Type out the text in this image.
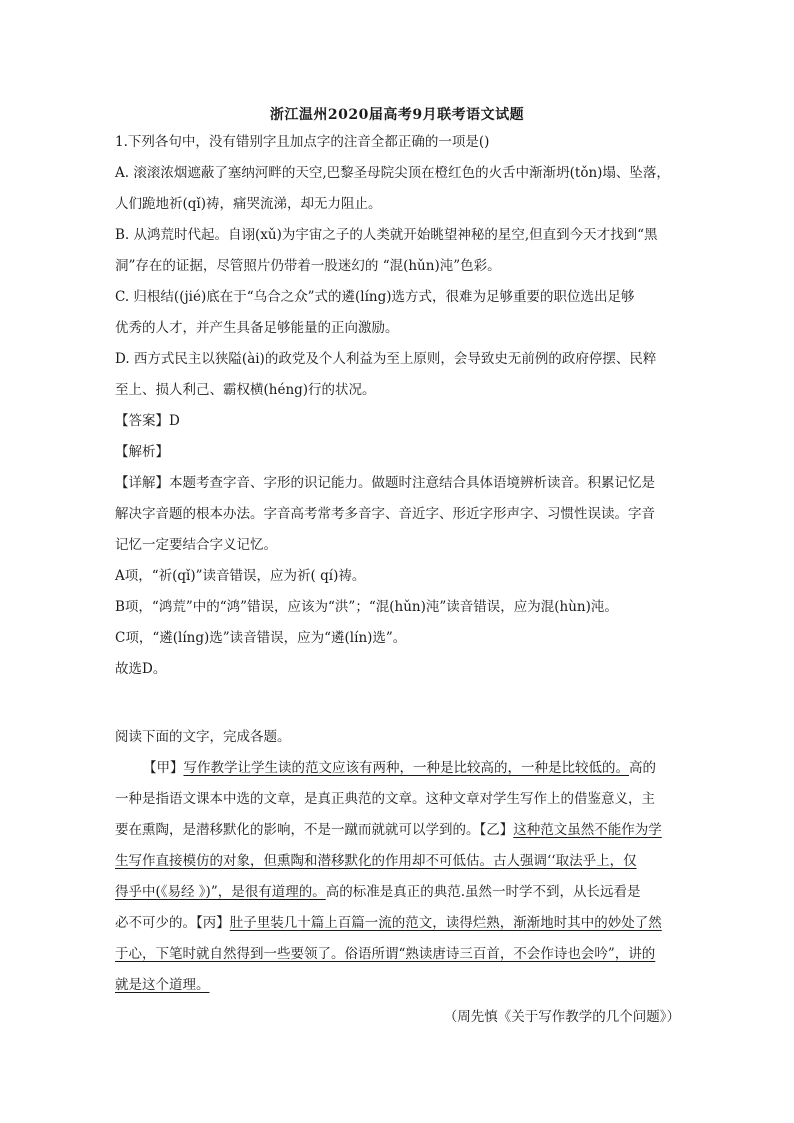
浙江温州2020届高考9月联考语文试题
1.下列各句中，没有错别字且加点字的注音全都正确的一项是()
A. 滚滚浓烟遮蔽了塞纳河畔的天空,巴黎圣母院尖顶在橙红色的火舌中渐渐坍(tǒn)塌、坠落，
人们跪地祈(qǐ)祷，痛哭流涕，却无力阻止。
B. 从鸿荒时代起。自诩(xǔ)为宇宙之子的人类就开始眺望神秘的星空,但直到今天才找到“黑
洞”存在的证据，尽管照片仍带着一股迷幻的 “混(hǔn)沌”色彩。
C. 归根结((jié)底在于“乌合之众”式的遴(líng)选方式，很难为足够重要的职位选出足够
优秀的人才，并产生具备足够能量的正向激励。
D. 西方式民主以狭隘(ài)的政党及个人利益为至上原则，会导致史无前例的政府停摆、民粹
至上、损人利己、霸权横(héng)行的状况。
【答案】D
【解析】
【详解】本题考查字音、字形的识记能力。做题时注意结合具体语境辨析读音。积累记忆是
解决字音题的根本办法。字音高考常考多音字、音近字、形近字形声字、习惯性误读。字音
记忆一定要结合字义记忆。
A项，“祈(qǐ)”读音错误，应为祈( qí)祷。
B项，“鸿荒”中的“鸿”错误，应该为“洪”；“混(hǔn)沌”读音错误，应为混(hùn)沌。
C项，“遴(líng)选”读音错误，应为“遴(lín)选”。
故选D。
阅读下面的文字，完成各题。
【甲】写作教学让学生读的范文应该有两种，一种是比较高的，一种是比较低的。高的
一种是指语文课本中选的文章，是真正典范的文章。这种文章对学生写作上的借鉴意义，主
要在熏陶，是潜移默化的影响，不是一蹴而就就可以学到的。【乙】这种范文虽然不能作为学
生写作直接模仿的对象，但熏陶和潜移默化的作用却不可低估。古人强调‘‘取法乎上，仅
得乎中(《易经 》)”，是很有道理的。高的标准是真正的典范.虽然一时学不到，从长远看是
必不可少的。【丙】肚子里装几十篇上百篇一流的范文，读得烂熟，渐渐地时其中的妙处了然
于心，下笔时就自然得到一些要领了。俗语所谓“熟读唐诗三百首，不会作诗也会吟”，讲的
就是这个道理。
（周先慎《关于写作教学的几个问题》）
